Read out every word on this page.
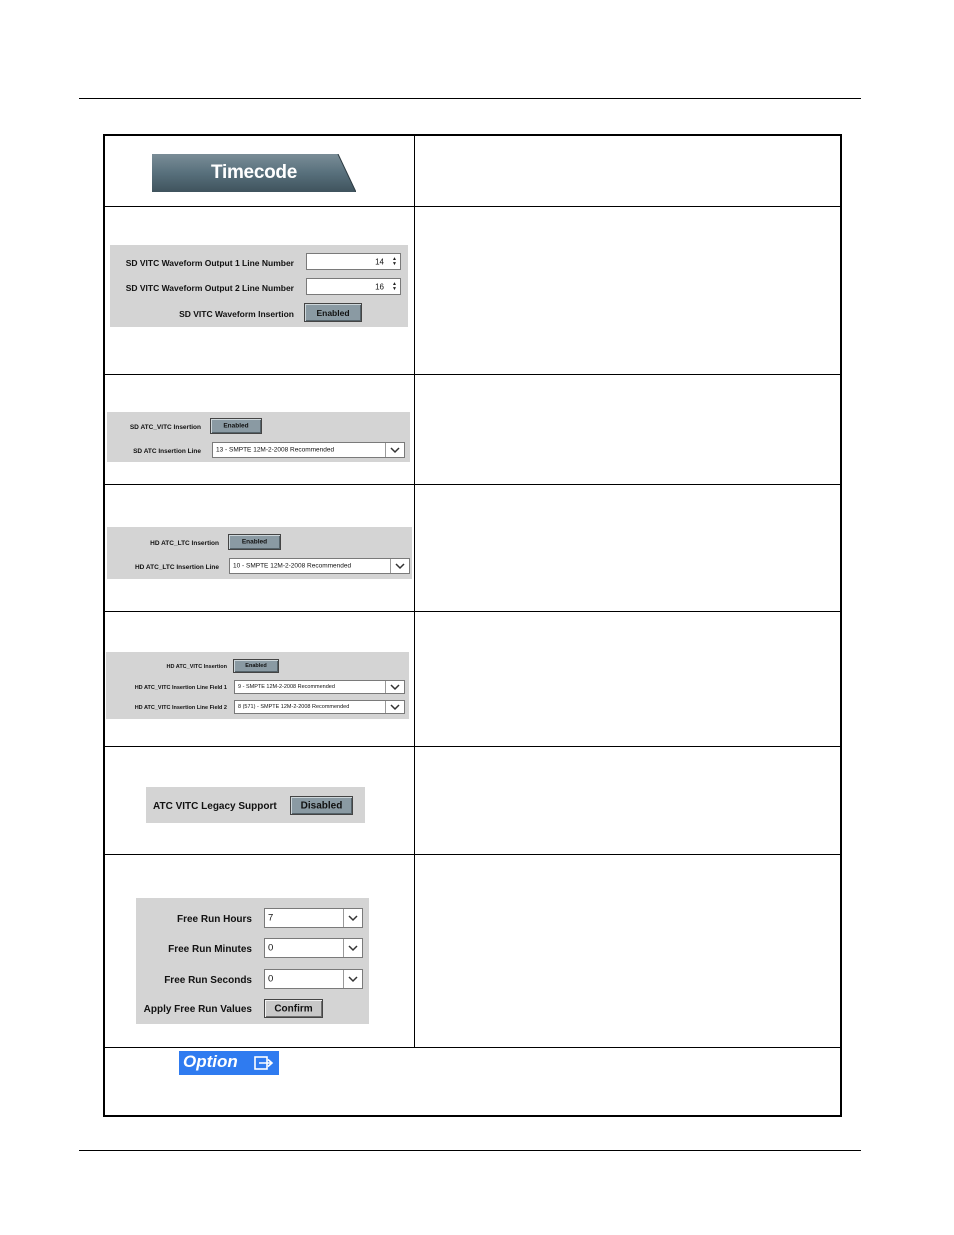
Timecode
SD VITC Waveform Output 1 Line Number	14	▲
▼
SD VITC Waveform Output 2 Line Number	16	▲
▼
SD VITC Waveform Insertion	Enabled
SD ATC_VITC Insertion	Enabled
SD ATC Insertion Line 13 - SMPTE 12M-2-2008 Recommended
HD ATC_LTC Insertion	Enabled
HD ATC_LTC Insertion Line 10 - SMPTE 12M-2-2008 Recommended
HD ATC_VITC Insertion	Enabled
HD ATC_VITC Insertion Line Field 1 9 - SMPTE 12M-2-2008 Recommended
HD ATC_VITC Insertion Line Field 2 8 (571) - SMPTE 12M-2-2008 Recommended
ATC VITC Legacy Support	Disabled
Free Run Hours 7
Free Run Minutes 0
Free Run Seconds 0
Apply Free Run Values	Confirm
Option
